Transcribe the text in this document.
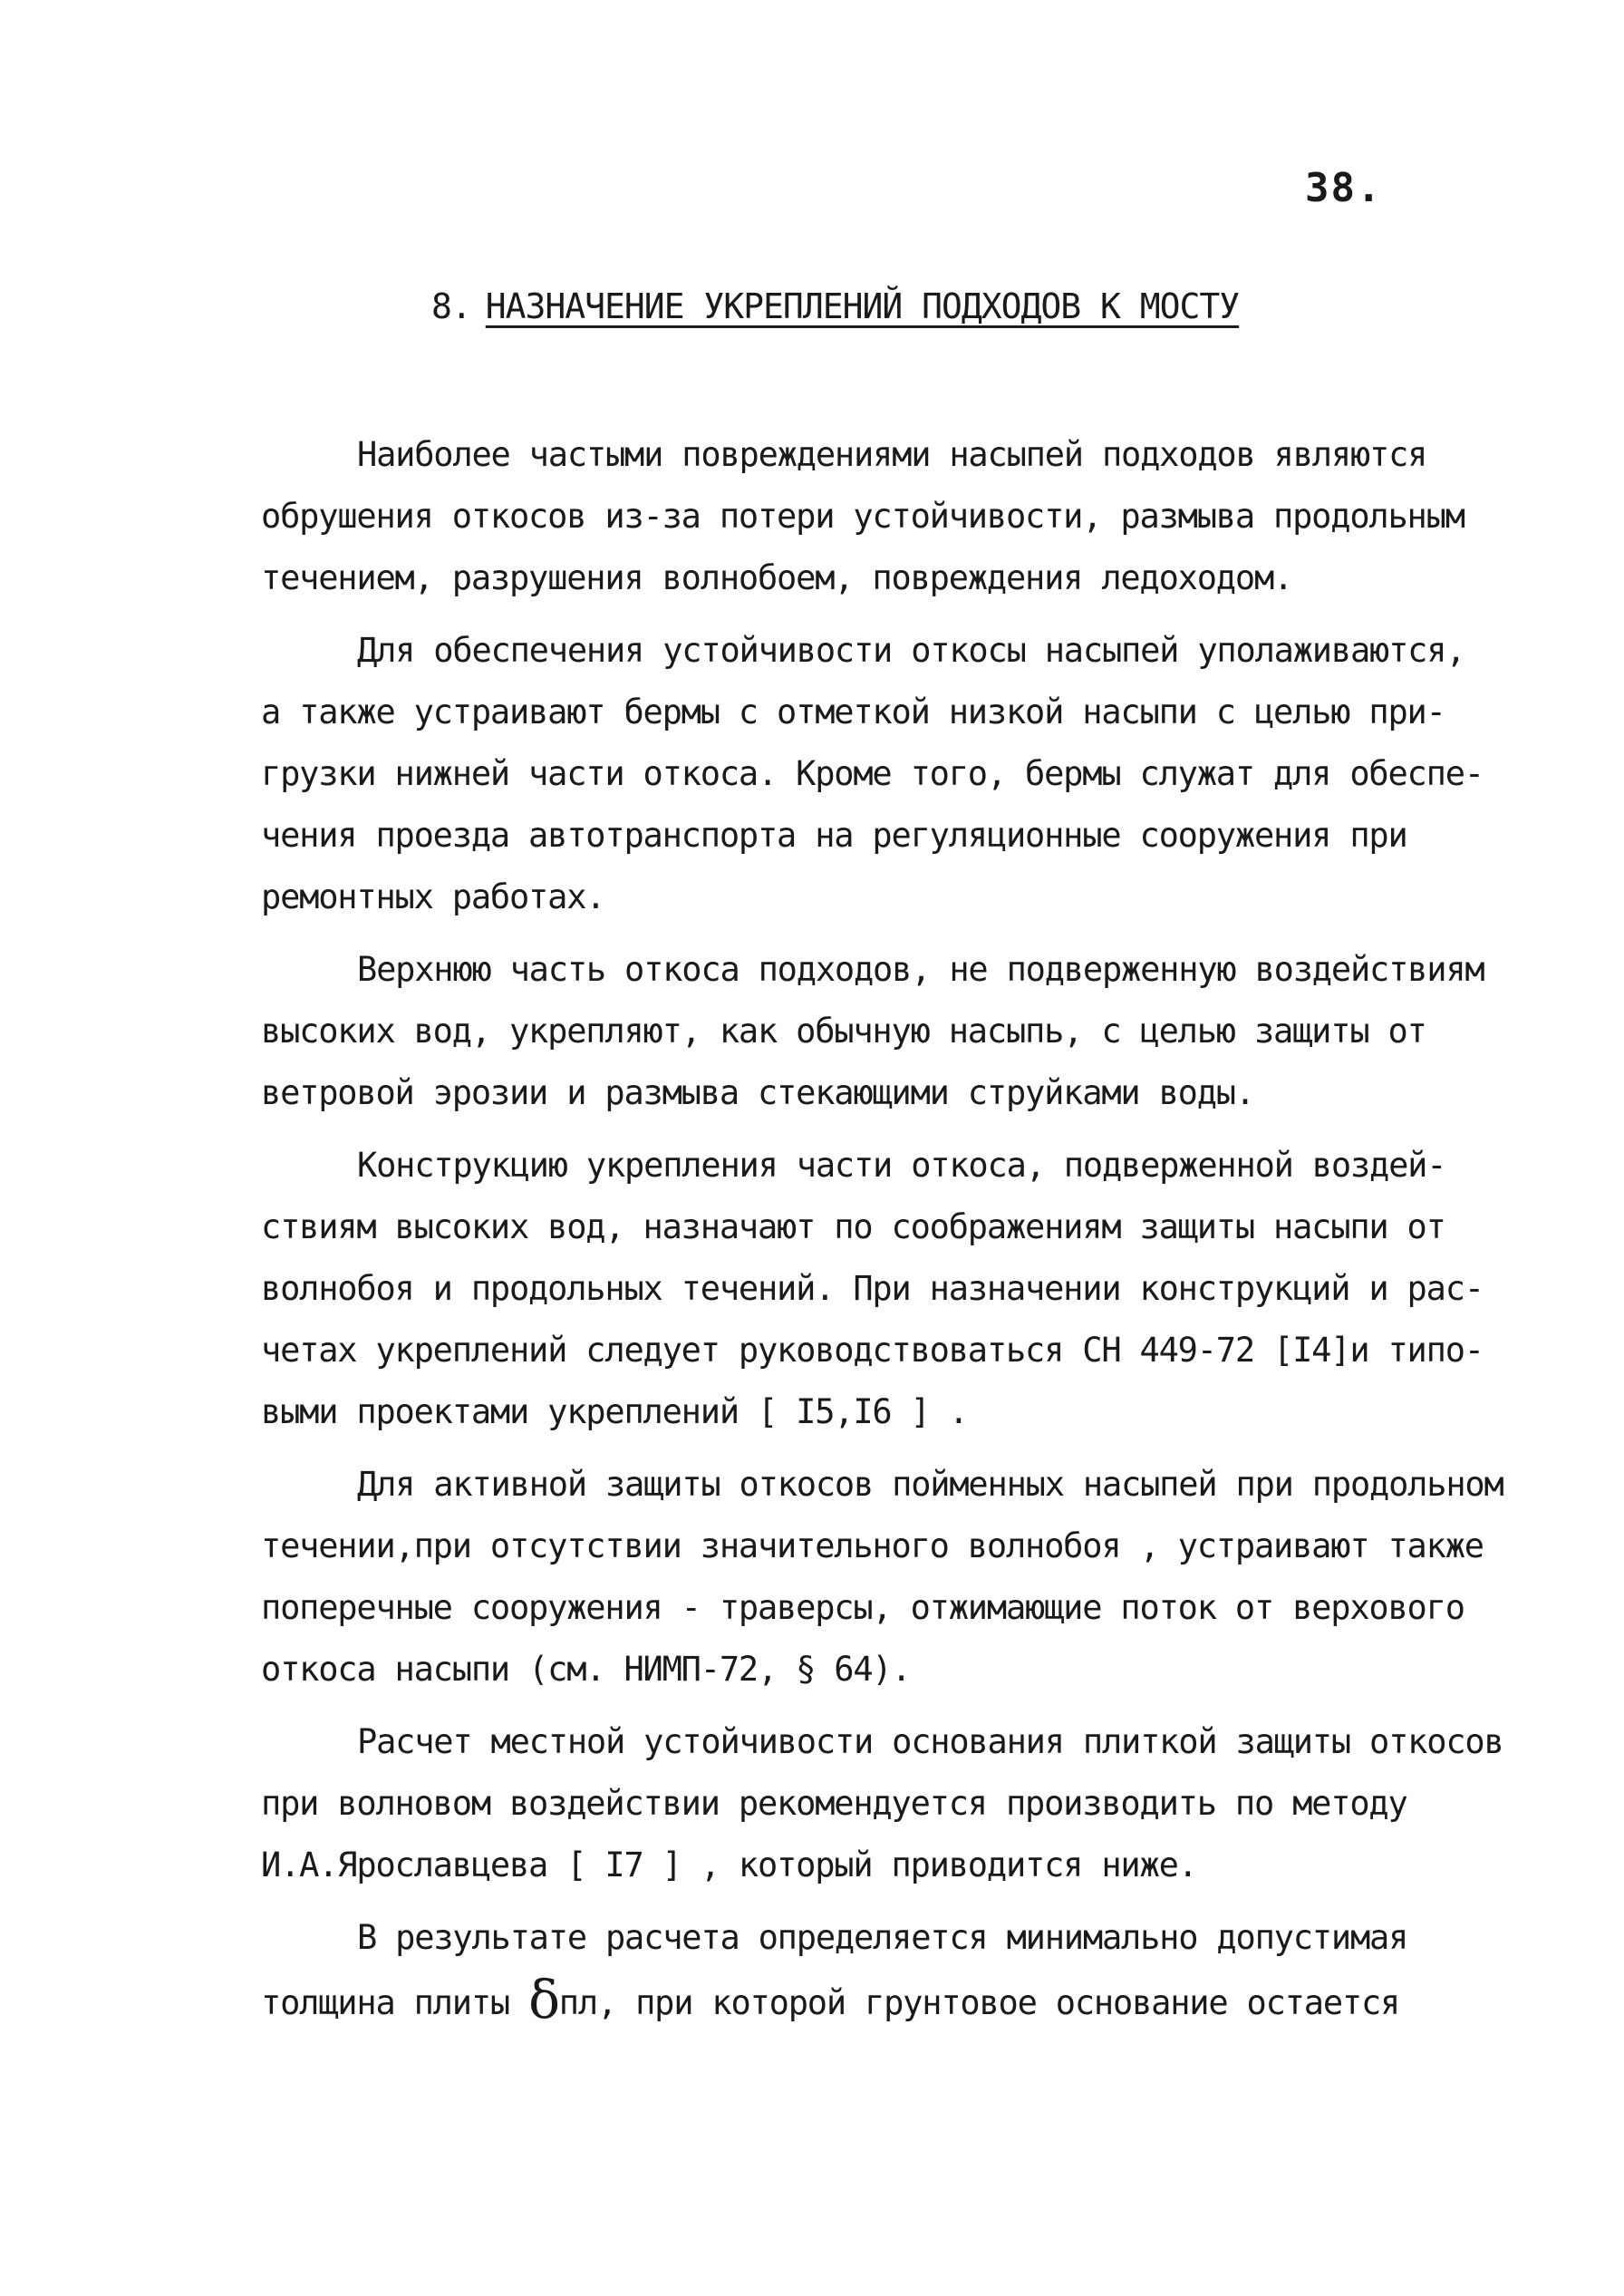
38.
8. НАЗНАЧЕНИЕ УКРЕПЛЕНИЙ ПОДХОДОВ К МОСТУ
Наиболее частыми повреждениями насыпей подходов являются
обрушения откосов из-за потери устойчивости, размыва продольным
течением, разрушения волнобоем, повреждения ледоходом.
Для обеспечения устойчивости откосы насыпей уполаживаются,
а также устраивают бермы с отметкой низкой насыпи с целью при-
грузки нижней части откоса. Кроме того, бермы служат для обеспе-
чения проезда автотранспорта на регуляционные сооружения при
ремонтных работах.
Верхнюю часть откоса подходов, не подверженную воздействиям
высоких вод, укрепляют, как обычную насыпь, с целью защиты от
ветровой эрозии и размыва стекающими струйками воды.
Конструкцию укрепления части откоса, подверженной воздей-
ствиям высоких вод, назначают по соображениям защиты насыпи от
волнобоя и продольных течений. При назначении конструкций и рас-
четах укреплений следует руководствоваться СН 449-72 [I4]и типо-
выми проектами укреплений [ I5,I6 ] .
Для активной защиты откосов пойменных насыпей при продольном
течении,при отсутствии значительного волнобоя , устраивают также
поперечные сооружения - траверсы, отжимающие поток от верхового
откоса насыпи (см. НИМП-72, § 64).
Расчет местной устойчивости основания плиткой защиты откосов
при волновом воздействии рекомендуется производить по методу
И.А.Ярославцева [ I7 ] , который приводится ниже.
В результате расчета определяется минимально допустимая
толщина плиты δпл, при которой грунтовое основание остается
